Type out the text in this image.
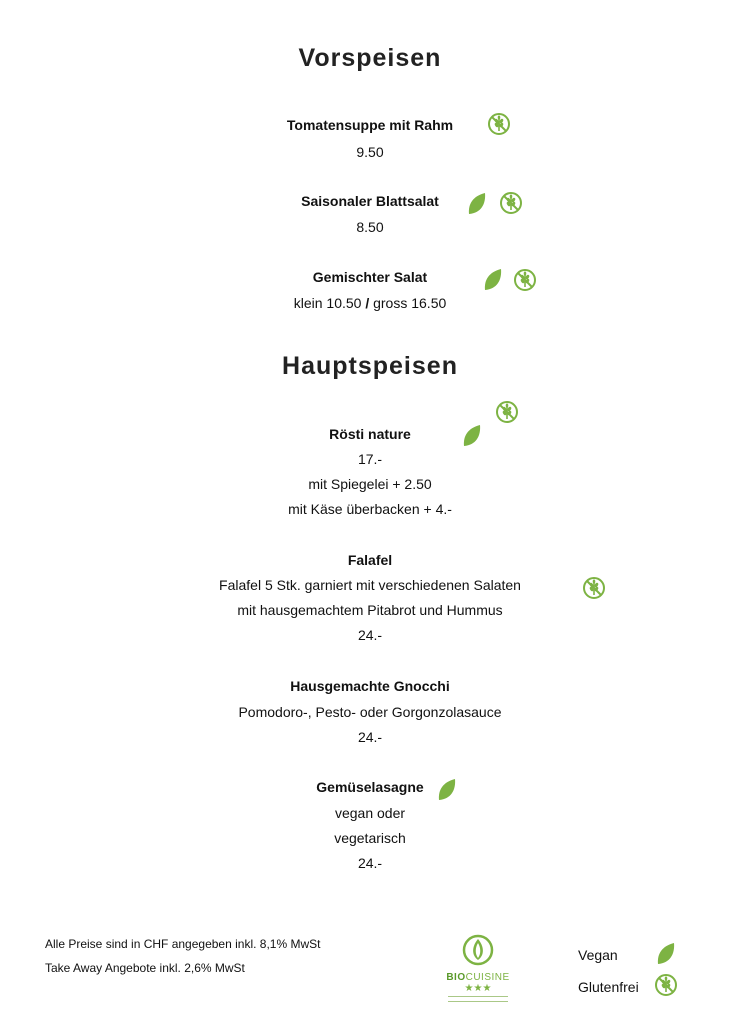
Vorspeisen
Tomatensuppe mit Rahm
9.50
Saisonaler Blattsalat
8.50
Gemischter Salat
klein 10.50 / gross 16.50
Hauptspeisen
Rösti nature
17.-
mit Spiegelei + 2.50
mit Käse überbacken + 4.-
Falafel
Falafel 5 Stk. garniert mit verschiedenen Salaten
mit hausgemachtem Pitabrot und Hummus
24.-
Hausgemachte Gnocchi
Pomodoro-, Pesto- oder Gorgonzolasauce
24.-
Gemüselasagne
vegan oder
vegetarisch
24.-
Alle Preise sind in CHF angegeben inkl. 8,1% MwSt
Take Away Angebote inkl. 2,6% MwSt
BIOCUISINE
★★★
Vegan
Glutenfrei
